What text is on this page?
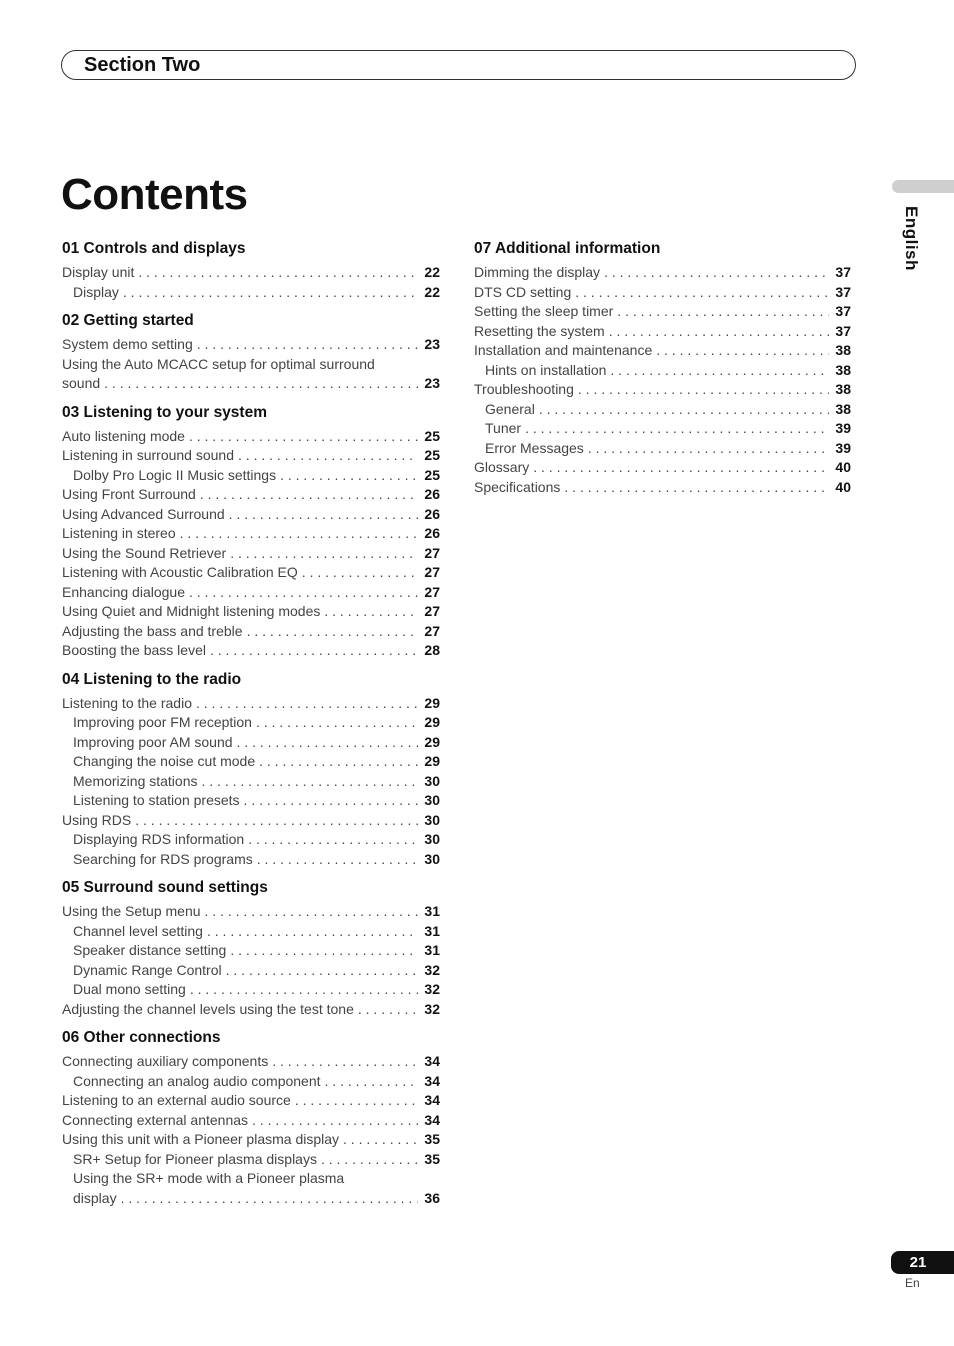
Section Two
Contents
English
01 Controls and displays
Display unit . . .	22
Display . . .	22
02 Getting started
System demo setting . . .	23
Using the Auto MCACC setup for optimal surround
sound . . .	23
03 Listening to your system
Auto listening mode . . .	25
Listening in surround sound . . .	25
Dolby Pro Logic II Music settings . . .	25
Using Front Surround . . .	26
Using Advanced Surround . . .	26
Listening in stereo . . .	26
Using the Sound Retriever . . .	27
Listening with Acoustic Calibration EQ . . .	27
Enhancing dialogue . . .	27
Using Quiet and Midnight listening modes . . .	27
Adjusting the bass and treble . . .	27
Boosting the bass level . . .	28
04 Listening to the radio
Listening to the radio . . .	29
Improving poor FM reception . . .	29
Improving poor AM sound . . .	29
Changing the noise cut mode . . .	29
Memorizing stations . . .	30
Listening to station presets . . .	30
Using RDS . . .	30
Displaying RDS information . . .	30
Searching for RDS programs . . .	30
05 Surround sound settings
Using the Setup menu . . .	31
Channel level setting . . .	31
Speaker distance setting . . .	31
Dynamic Range Control . . .	32
Dual mono setting . . .	32
Adjusting the channel levels using the test tone . . .	32
06 Other connections
Connecting auxiliary components . . .	34
Connecting an analog audio component . . .	34
Listening to an external audio source . . .	34
Connecting external antennas . . .	34
Using this unit with a Pioneer plasma display . . .	35
SR+ Setup for Pioneer plasma displays . . .	35
Using the SR+ mode with a Pioneer plasma
display . . .	36
07 Additional information
Dimming the display . . .	37
DTS CD setting . . .	37
Setting the sleep timer . . .	37
Resetting the system . . .	37
Installation and maintenance . . .	38
Hints on installation . . .	38
Troubleshooting . . .	38
General . . .	38
Tuner . . .	39
Error Messages . . .	39
Glossary . . .	40
Specifications . . .	40
21
En
